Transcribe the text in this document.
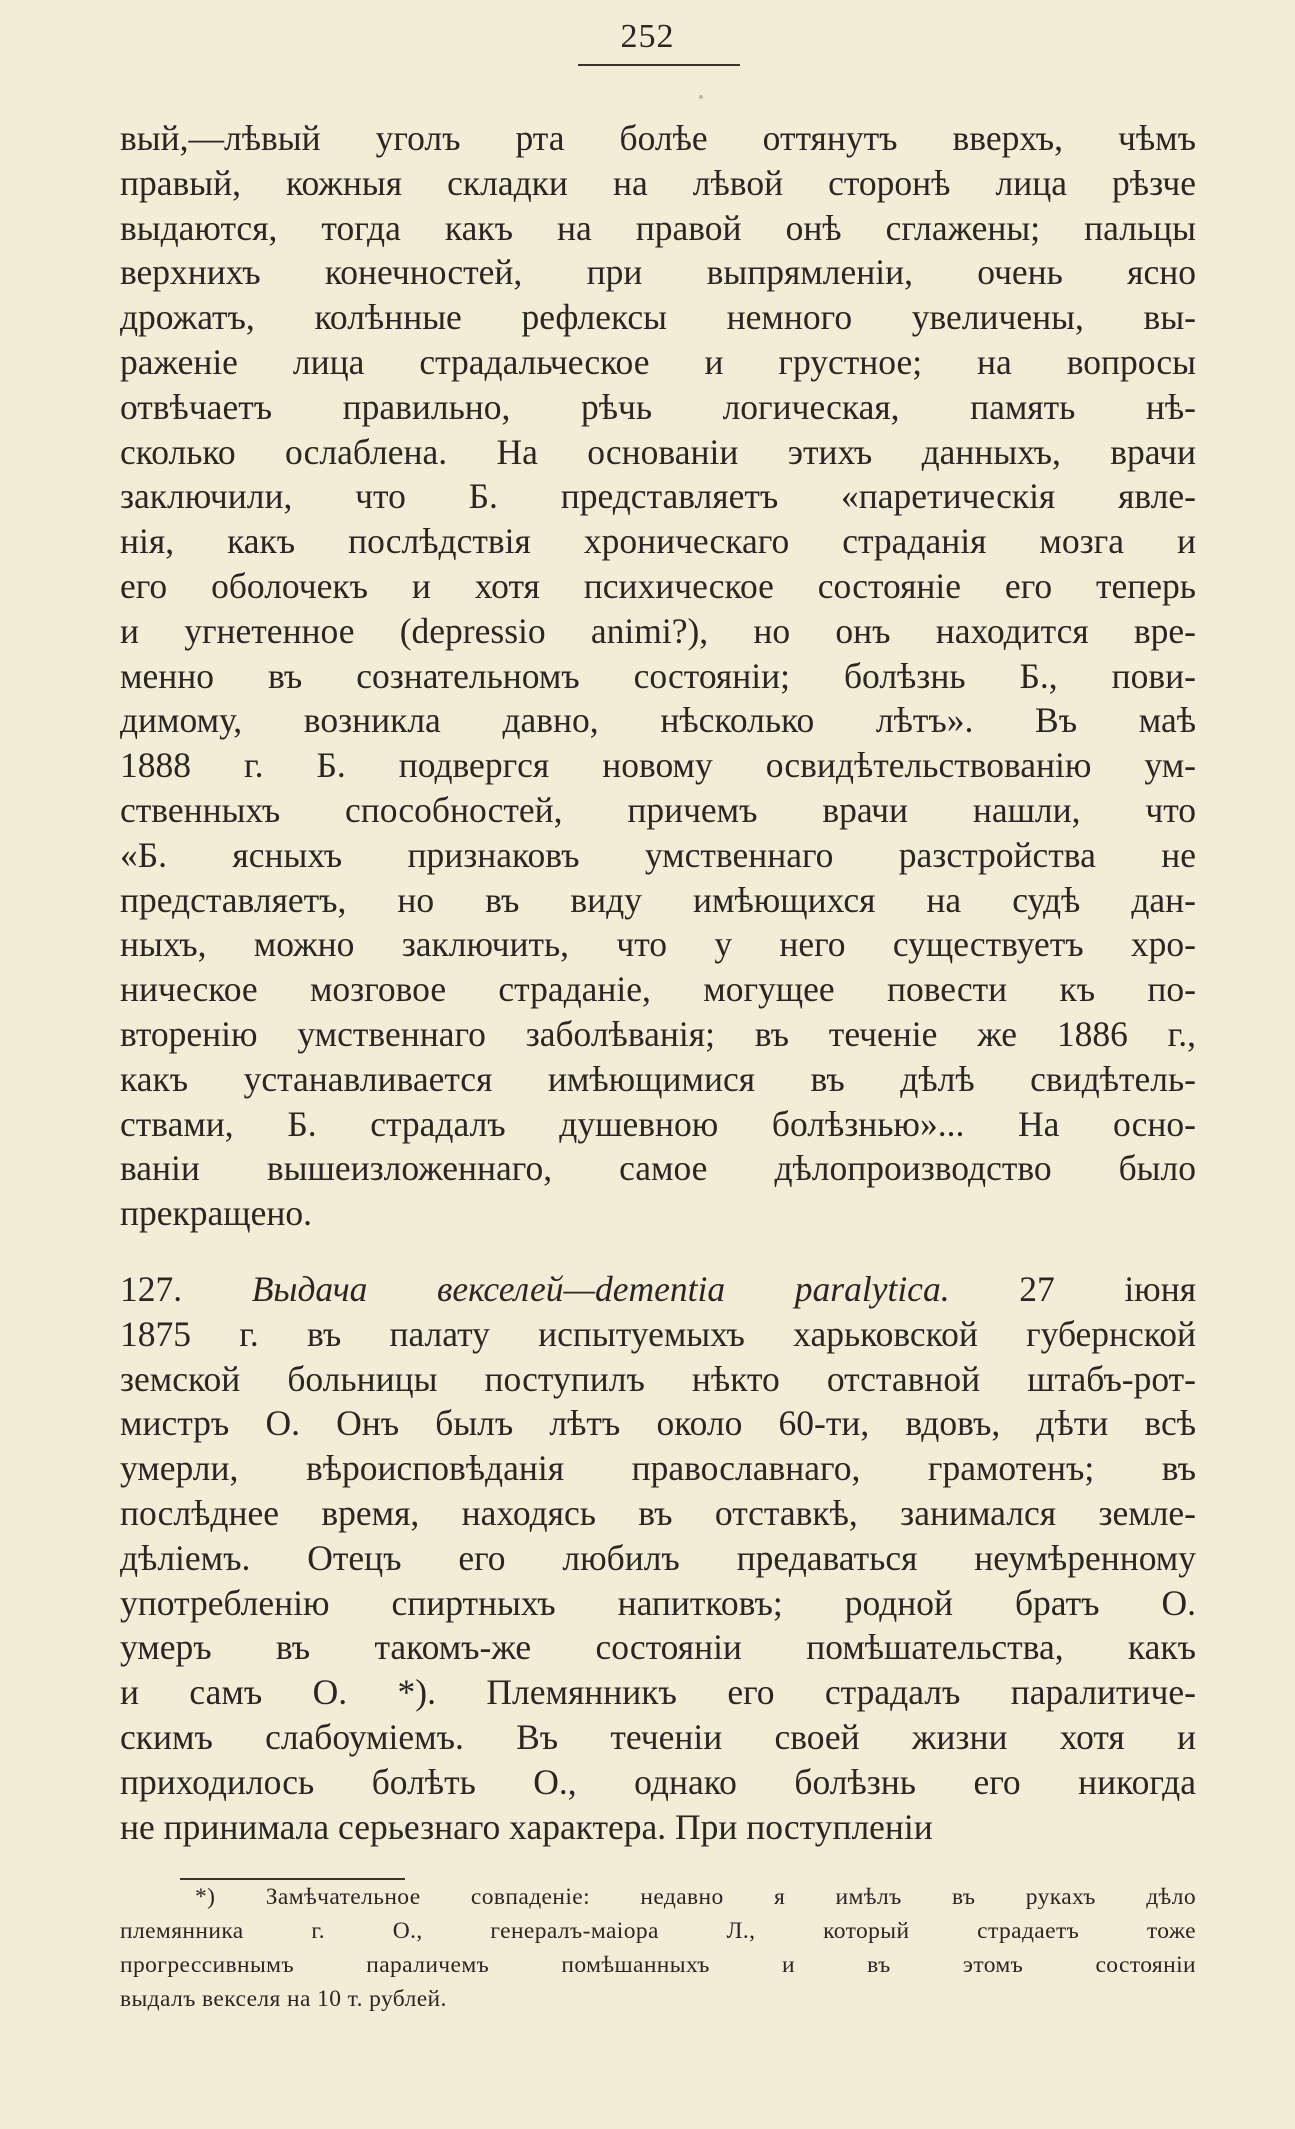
252
вый,—лѣвый уголъ рта болѣе оттянутъ вверхъ, чѣмъ
правый, кожныя складки на лѣвой сторонѣ лица рѣзче
выдаются, тогда какъ на правой онѣ сглажены; пальцы
верхнихъ конечностей, при выпрямленіи, очень ясно
дрожатъ, колѣнные рефлексы немного увеличены, вы-
раженіе лица страдальческое и грустное; на вопросы
отвѣчаетъ правильно, рѣчь логическая, память нѣ-
сколько ослаблена. На основаніи этихъ данныхъ, врачи
заключили, что Б. представляетъ «паретическія явле-
нія, какъ послѣдствія хроническаго страданія мозга и
его оболочекъ и хотя психическое состояніе его теперь
и угнетенное (depressio animi?), но онъ находится вре-
менно въ сознательномъ состояніи; болѣзнь Б., пови-
димому, возникла давно, нѣсколько лѣтъ». Въ маѣ
1888 г. Б. подвергся новому освидѣтельствованію ум-
ственныхъ способностей, причемъ врачи нашли, что
«Б. ясныхъ признаковъ умственнаго разстройства не
представляетъ, но въ виду имѣющихся на судѣ дан-
ныхъ, можно заключить, что у него существуетъ хро-
ническое мозговое страданіе, могущее повести къ по-
вторенію умственнаго заболѣванія; въ теченіе же 1886 г.,
какъ устанавливается имѣющимися въ дѣлѣ свидѣтель-
ствами, Б. страдалъ душевною болѣзнью»... На осно-
ваніи вышеизложеннаго, самое дѣлопроизводство было
прекращено.
127. Выдача векселей—dementia paralytica. 27 іюня
1875 г. въ палату испытуемыхъ харьковской губернской
земской больницы поступилъ нѣкто отставной штабъ-рот-
мистръ О. Онъ былъ лѣтъ около 60-ти, вдовъ, дѣти всѣ
умерли, вѣроисповѣданія православнаго, грамотенъ; въ
послѣднее время, находясь въ отставкѣ, занимался земле-
дѣліемъ. Отецъ его любилъ предаваться неумѣренному
употребленію спиртныхъ напитковъ; родной братъ О.
умеръ въ такомъ-же состояніи помѣшательства, какъ
и самъ О. *). Племянникъ его страдалъ паралитиче-
скимъ слабоуміемъ. Въ теченіи своей жизни хотя и
приходилось болѣть О., однако болѣзнь его никогда
не принимала серьезнаго характера. При поступленіи
*) Замѣчательное совпаденіе: недавно я имѣлъ въ рукахъ дѣло
племянника г. О., генералъ-маіора Л., который страдаетъ тоже
прогрессивнымъ параличемъ помѣшанныхъ и въ этомъ состояніи
выдалъ векселя на 10 т. рублей.
